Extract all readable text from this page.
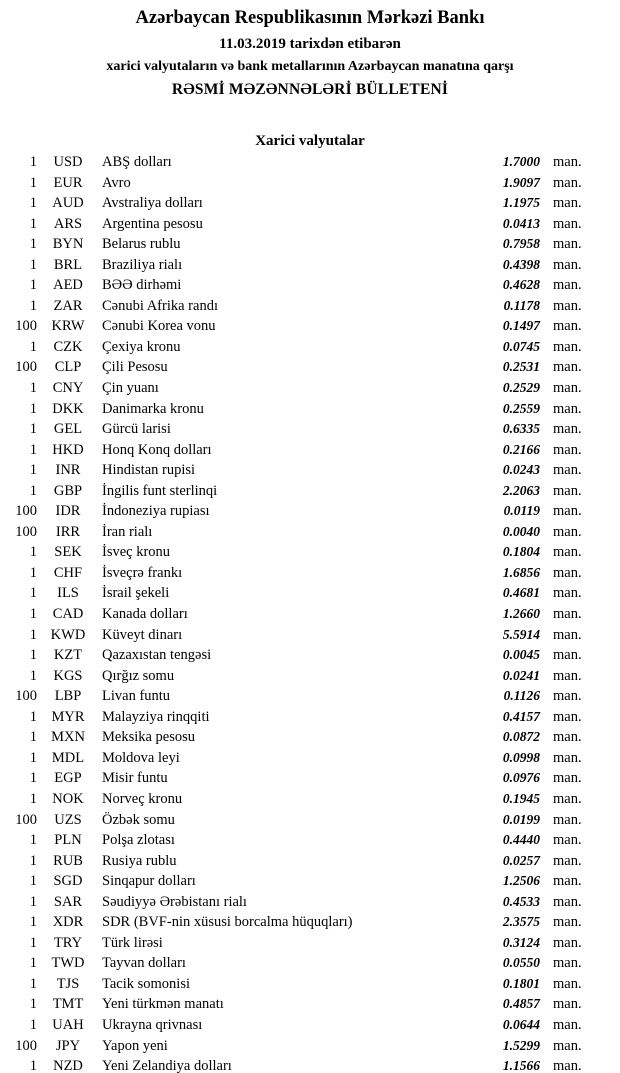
Azərbaycan Respublikasının Mərkəzi Bankı
11.03.2019 tarixdən etibarən
xarici valyutaların və bank metallarının Azərbaycan manatına qarşı
RƏSMİ MƏZƏNNƏLƏRİ BÜLLETENİ
Xarici valyutalar
1	USD	ABŞ dolları	1.7000 man.
1	EUR	Avro	1.9097 man.
1	AUD	Avstraliya dolları	1.1975 man.
1	ARS	Argentina pesosu	0.0413 man.
1	BYN	Belarus rublu	0.7958 man.
1	BRL	Braziliya rialı	0.4398 man.
1	AED	BƏƏ dirhəmi	0.4628 man.
1	ZAR	Cənubi Afrika randı	0.1178 man.
100 KRW	Cənubi Korea vonu	0.1497 man.
1	CZK	Çexiya kronu	0.0745 man.
100	CLP	Çili Pesosu	0.2531 man.
1	CNY	Çin yuanı	0.2529 man.
1	DKK	Danimarka kronu	0.2559 man.
1	GEL	Gürcü larisi	0.6335 man.
1	HKD	Honq Konq dolları	0.2166 man.
1	INR	Hindistan rupisi	0.0243 man.
1	GBP	İngilis funt sterlinqi	2.2063 man.
100	IDR	İndoneziya rupiası	0.0119 man.
100	IRR	İran rialı	0.0040 man.
1	SEK	İsveç kronu	0.1804 man.
1	CHF	İsveçrə frankı	1.6856 man.
1	ILS	İsrail şekeli	0.4681 man.
1	CAD	Kanada dolları	1.2660 man.
1 KWD	Küveyt dinarı	5.5914 man.
1	KZT	Qazaxıstan tengəsi	0.0045 man.
1	KGS	Qırğız somu	0.0241 man.
100	LBP	Livan funtu	0.1126 man.
1 MYR	Malayziya rinqqiti	0.4157 man.
1 MXN	Meksika pesosu	0.0872 man.
1	MDL	Moldova leyi	0.0998 man.
1	EGP	Misir funtu	0.0976 man.
1	NOK	Norveç kronu	0.1945 man.
100	UZS	Özbək somu	0.0199 man.
1	PLN	Polşa zlotası	0.4440 man.
1	RUB	Rusiya rublu	0.0257 man.
1	SGD	Sinqapur dolları	1.2506 man.
1	SAR	Səudiyyə Ərəbistanı rialı	0.4533 man.
1	XDR	SDR (BVF-nin xüsusi borcalma hüquqları)	2.3575 man.
1	TRY	Türk lirəsi	0.3124 man.
1 TWD	Tayvan dolları	0.0550 man.
1	TJS	Tacik somonisi	0.1801 man.
1	TMT	Yeni türkmən manatı	0.4857 man.
1	UAH	Ukrayna qrivnası	0.0644 man.
100	JPY	Yapon yeni	1.5299 man.
1	NZD	Yeni Zelandiya dolları	1.1566 man.
